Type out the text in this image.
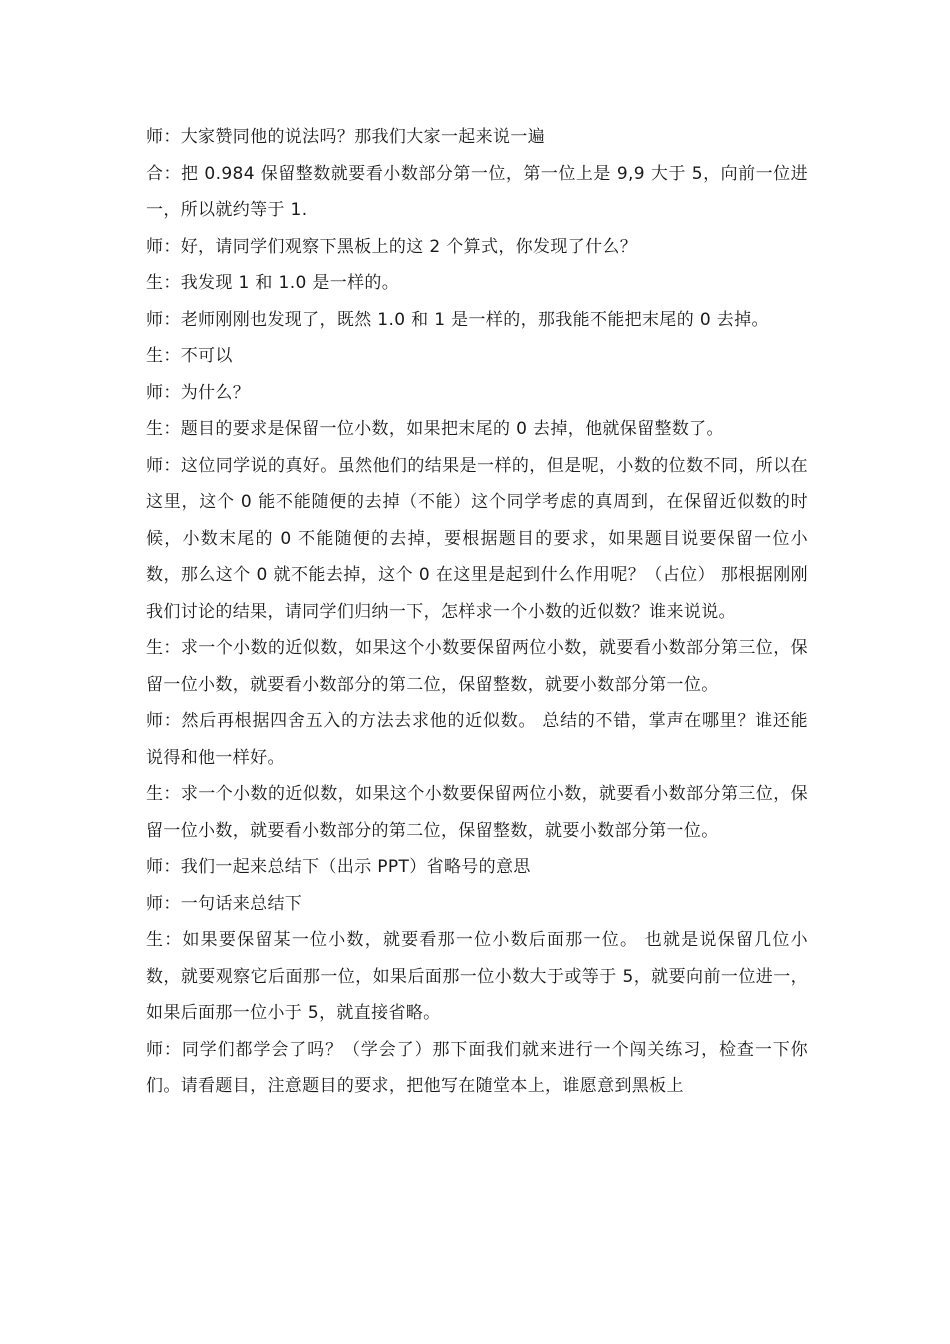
师：大家赞同他的说法吗？那我们大家一起来说一遍

合：把 0.984 保留整数就要看小数部分第一位，第一位上是 9,9 大于 5，向前一位进一，所以就约等于 1.

师：好，请同学们观察下黑板上的这 2 个算式，你发现了什么？

生：我发现 1 和 1.0 是一样的。

师：老师刚刚也发现了，既然 1.0 和 1 是一样的，那我能不能把末尾的 0 去掉。

生：不可以

师：为什么？

生：题目的要求是保留一位小数，如果把末尾的 0 去掉，他就保留整数了。

师：这位同学说的真好。虽然他们的结果是一样的，但是呢，小数的位数不同，所以在这里，这个 0 能不能随便的去掉（不能）这个同学考虑的真周到，在保留近似数的时候，小数末尾的 0 不能随便的去掉，要根据题目的要求，如果题目说要保留一位小数，那么这个 0 就不能去掉，这个 0 在这里是起到什么作用呢？（占位） 那根据刚刚我们讨论的结果，请同学们归纳一下，怎样求一个小数的近似数？谁来说说。

生：求一个小数的近似数，如果这个小数要保留两位小数，就要看小数部分第三位，保留一位小数，就要看小数部分的第二位，保留整数，就要小数部分第一位。

师：然后再根据四舍五入的方法去求他的近似数。 总结的不错，掌声在哪里？谁还能说得和他一样好。

生：求一个小数的近似数，如果这个小数要保留两位小数，就要看小数部分第三位，保留一位小数，就要看小数部分的第二位，保留整数，就要小数部分第一位。

师：我们一起来总结下（出示 PPT）省略号的意思

师：一句话来总结下

生：如果要保留某一位小数，就要看那一位小数后面那一位。 也就是说保留几位小数，就要观察它后面那一位，如果后面那一位小数大于或等于 5，就要向前一位进一，如果后面那一位小于 5，就直接省略。

师：同学们都学会了吗？（学会了）那下面我们就来进行一个闯关练习，检查一下你们。请看题目，注意题目的要求，把他写在随堂本上，谁愿意到黑板上
